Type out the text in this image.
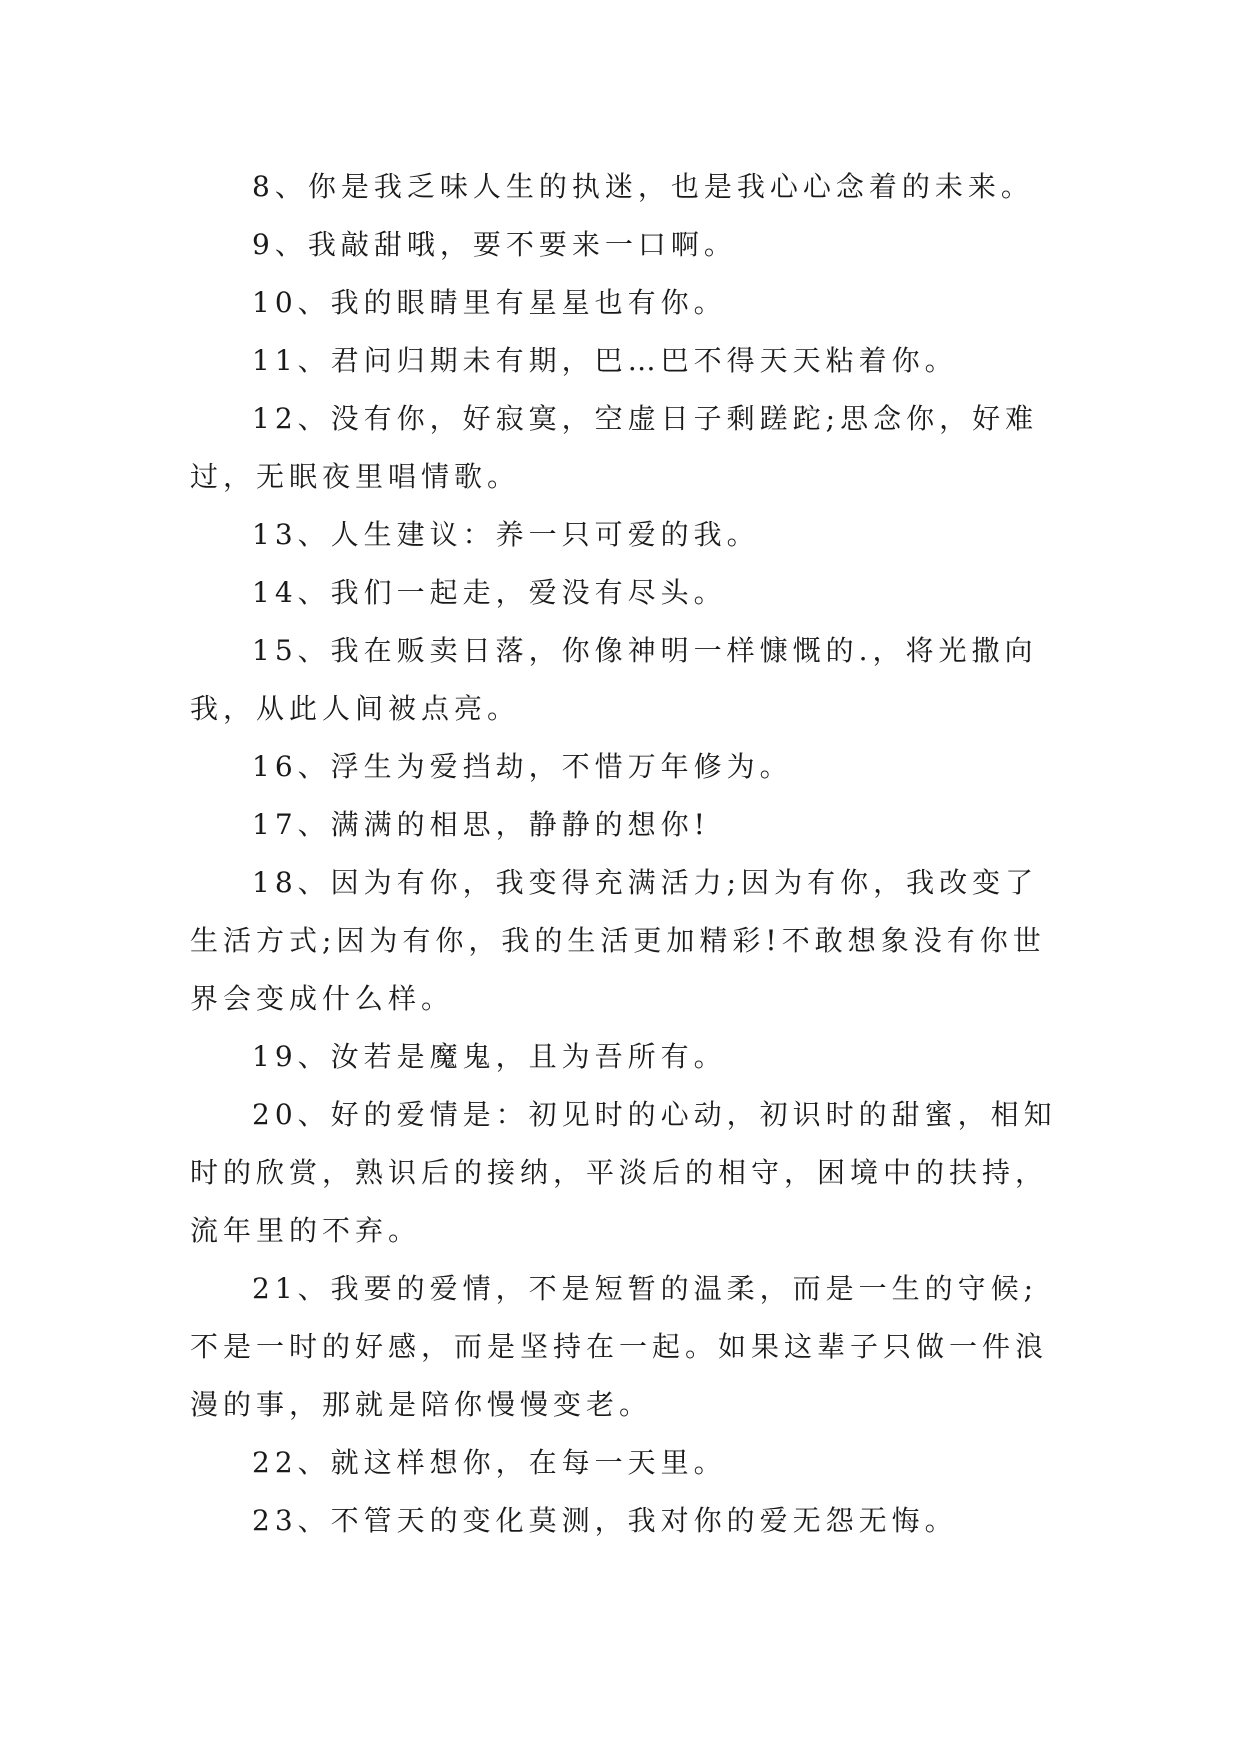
8、你是我乏味人生的执迷，也是我心心念着的未来。

9、我敲甜哦，要不要来一口啊。

10、我的眼睛里有星星也有你。

11、君问归期未有期，巴…巴不得天天粘着你。

12、没有你，好寂寞，空虚日子剩蹉跎;思念你，好难过，无眠夜里唱情歌。

13、人生建议：养一只可爱的我。

14、我们一起走，爱没有尽头。

15、我在贩卖日落，你像神明一样慷慨的.，将光撒向我，从此人间被点亮。

16、浮生为爱挡劫，不惜万年修为。

17、满满的相思，静静的想你!

18、因为有你，我变得充满活力;因为有你，我改变了生活方式;因为有你，我的生活更加精彩!不敢想象没有你世界会变成什么样。

19、汝若是魔鬼，且为吾所有。

20、好的爱情是：初见时的心动，初识时的甜蜜，相知时的欣赏，熟识后的接纳，平淡后的相守，困境中的扶持，流年里的不弃。

21、我要的爱情，不是短暂的温柔，而是一生的守候;不是一时的好感，而是坚持在一起。如果这辈子只做一件浪漫的事，那就是陪你慢慢变老。

22、就这样想你，在每一天里。

23、不管天的变化莫测，我对你的爱无怨无悔。
